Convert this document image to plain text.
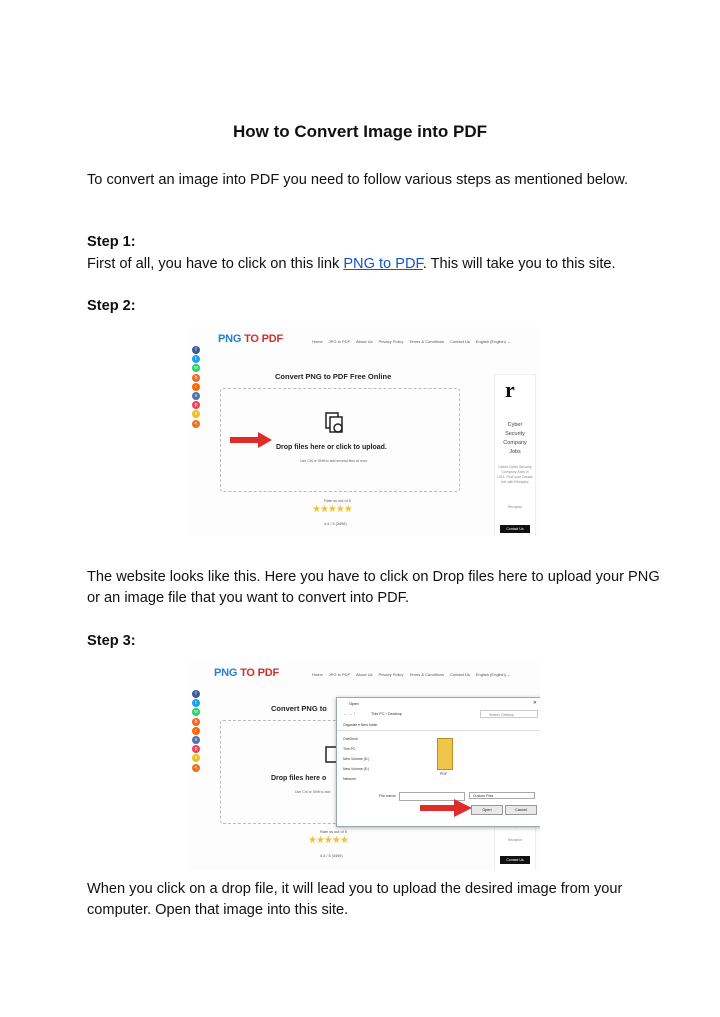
How to Convert Image into PDF
To convert an image into PDF you need to follow various steps as mentioned below.
Step 1:
First of all, you have to click on this link PNG to PDF. This will take you to this site.
Step 2:
PNG TO PDF	Home JPG to PDF About Us Privacy Policy Terms & Conditions Contact Us English (English) ⌄
f
t
w
b
r
v
p
s
<
Convert PNG to PDF Free Online
Drop files here or click to upload.
Use Ctrl or Shift to add several files at once
r
Cyber Security Company Jobs
Latest Cyber Security Company Jobs in USA. Find your Dream Job with Recaptor.
Recaptor
Contact Us
Rate us out of 5
★★★★★
4.4 / 5 (3496)
The website looks like this. Here you have to click on Drop files here to upload your PNG or an image file that you want to convert into PDF.
Step 3:
PNG TO PDF	Home JPG to PDF About Us Privacy Policy Terms & Conditions Contact Us English (English) ⌄
f
t
w
b
r
v
p
s
<
Convert PNG to
Drop files here o
Use Ctrl or Shift to add
Recaptor
Contact Us
Rate us out of 5
★★★★★
4.4 / 5 (3496)
Open	✕
← → ↑	This PC › Desktop	Search Desktop
Organize ▾ New folder
OneDrive
This PC
New Volume (D:)
New Volume (E:)
Network
PDF
File name:	Custom Files
Open	Cancel
When you click on a drop file, it will lead you to upload the desired image from your computer. Open that image into this site.
